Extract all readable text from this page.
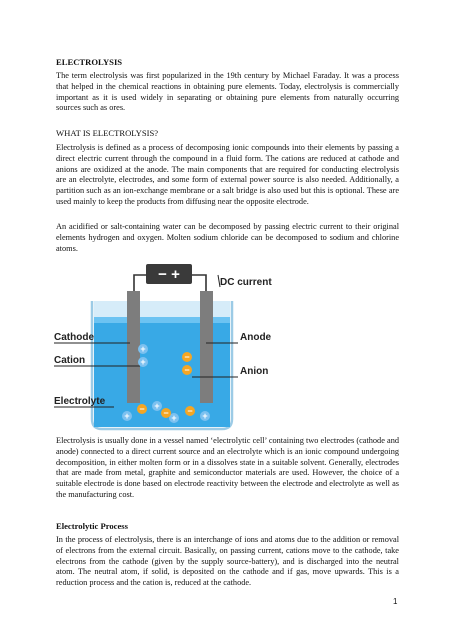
ELECTROLYSIS

The term electrolysis was first popularized in the 19th century by Michael Faraday. It was a process that helped in the chemical reactions in obtaining pure elements. Today, electrolysis is commercially important as it is used widely in separating or obtaining pure elements from naturally occurring sources such as ores.

WHAT IS ELECTROLYSIS?

Electrolysis is defined as a process of decomposing ionic compounds into their elements by passing a direct electric current through the compound in a fluid form. The cations are reduced at cathode and anions are oxidized at the anode. The main components that are required for conducting electrolysis are an electrolyte, electrodes, and some form of external power source is also needed. Additionally, a partition such as an ion-exchange membrane or a salt bridge is also used but this is optional. These are used mainly to keep the products from diffusing near the opposite electrode.

An acidified or salt-containing water can be decomposed by passing electric current to their original elements hydrogen and oxygen. Molten sodium chloride can be decomposed to sodium and chlorine atoms.

− +
+
+
+
+	+	+
−
−
− − −
DC current
Cathode	Anode
Cation
Anion
Electrolyte

Electrolysis is usually done in a vessel named ‘electrolytic cell’ containing two electrodes (cathode and anode) connected to a direct current source and an electrolyte which is an ionic compound undergoing decomposition, in either molten form or in a dissolves state in a suitable solvent. Generally, electrodes that are made from metal, graphite and semiconductor materials are used. However, the choice of a suitable electrode is done based on electrode reactivity between the electrode and electrolyte as well as the manufacturing cost.

Electrolytic Process

In the process of electrolysis, there is an interchange of ions and atoms due to the addition or removal of electrons from the external circuit. Basically, on passing current, cations move to the cathode, take electrons from the cathode (given by the supply source-battery), and is discharged into the neutral atom. The neutral atom, if solid, is deposited on the cathode and if gas, move upwards. This is a reduction process and the cation is, reduced at the cathode.

1
